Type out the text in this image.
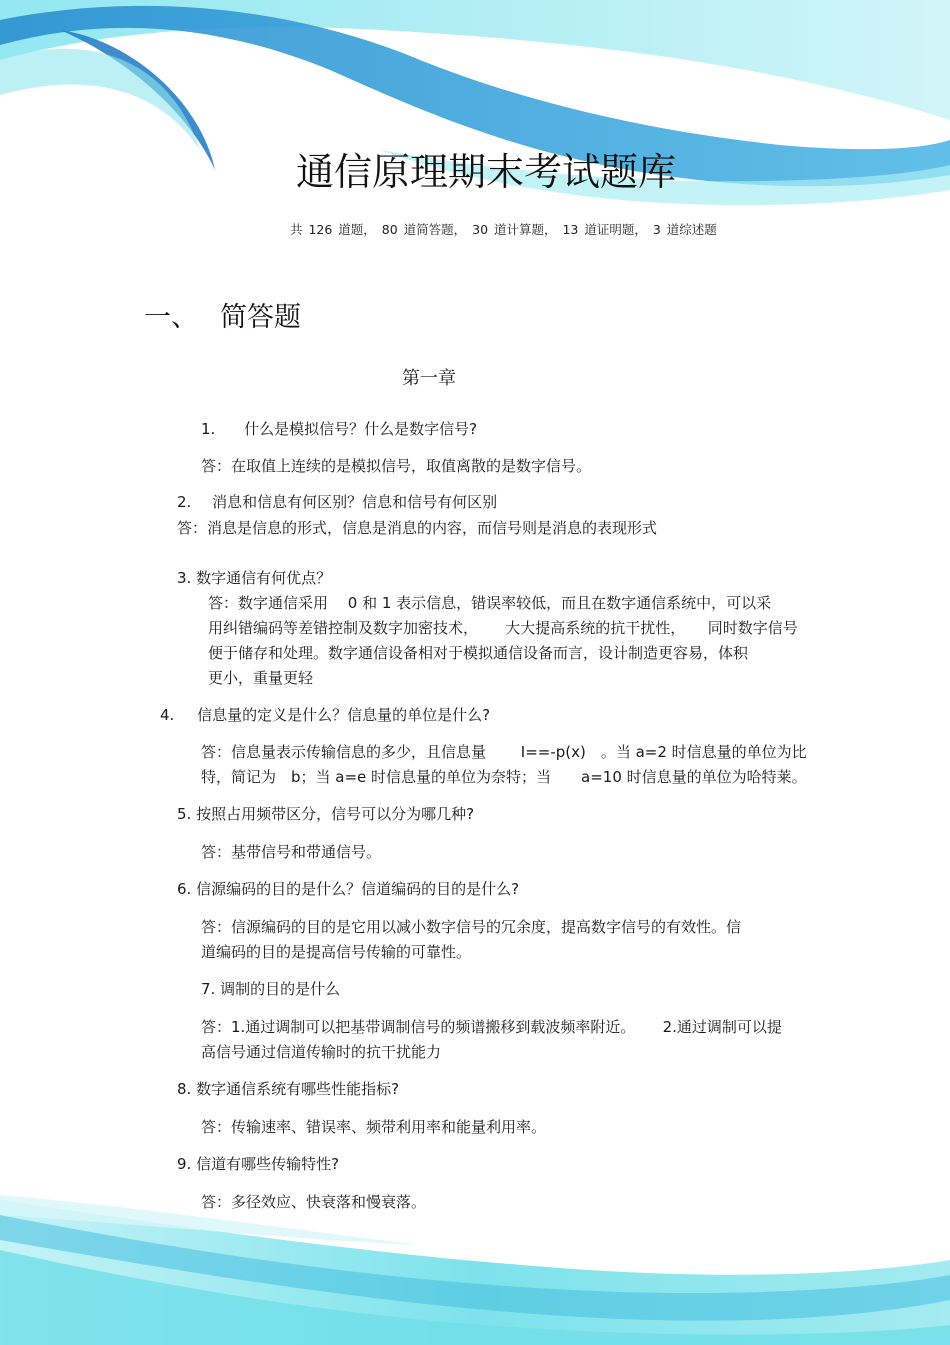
通信原理期末考试题库
共 126 道题， 80 道简答题， 30 道计算题， 13 道证明题， 3 道综述题
一、 简答题
第一章
1. 什么是模拟信号？什么是数字信号?
答：在取值上连续的是模拟信号，取值离散的是数字信号。
2. 消息和信息有何区别？信息和信号有何区别
答：消息是信息的形式，信息是消息的内容，而信号则是消息的表现形式
3. 数字通信有何优点？
答：数字通信采用　 0 和 1 表示信息，错误率较低，而且在数字通信系统中，可以采
用纠错编码等差错控制及数字加密技术，　　 大大提高系统的抗干扰性，　　同时数字信号
便于储存和处理。数字通信设备相对于模拟通信设备而言，设计制造更容易，体积
更小，重量更轻
4. 信息量的定义是什么？信息量的单位是什么?
答：信息量表示传输信息的多少，且信息量　　 I==-p(x)　。当 a=2 时信息量的单位为比
特，简记为　b；当 a=e 时信息量的单位为奈特；当　　a=10 时信息量的单位为哈特莱。
5. 按照占用频带区分，信号可以分为哪几种?
答：基带信号和带通信号。
6. 信源编码的目的是什么？信道编码的目的是什么?
答：信源编码的目的是它用以减小数字信号的冗余度，提高数字信号的有效性。信
道编码的目的是提高信号传输的可靠性。
7. 调制的目的是什么
答：1.通过调制可以把基带调制信号的频谱搬移到载波频率附近。　　 2.通过调制可以提
高信号通过信道传输时的抗干扰能力
8. 数字通信系统有哪些性能指标?
答：传输速率、错误率、频带利用率和能量利用率。
9. 信道有哪些传输特性?
答：多径效应、快衰落和慢衰落。
